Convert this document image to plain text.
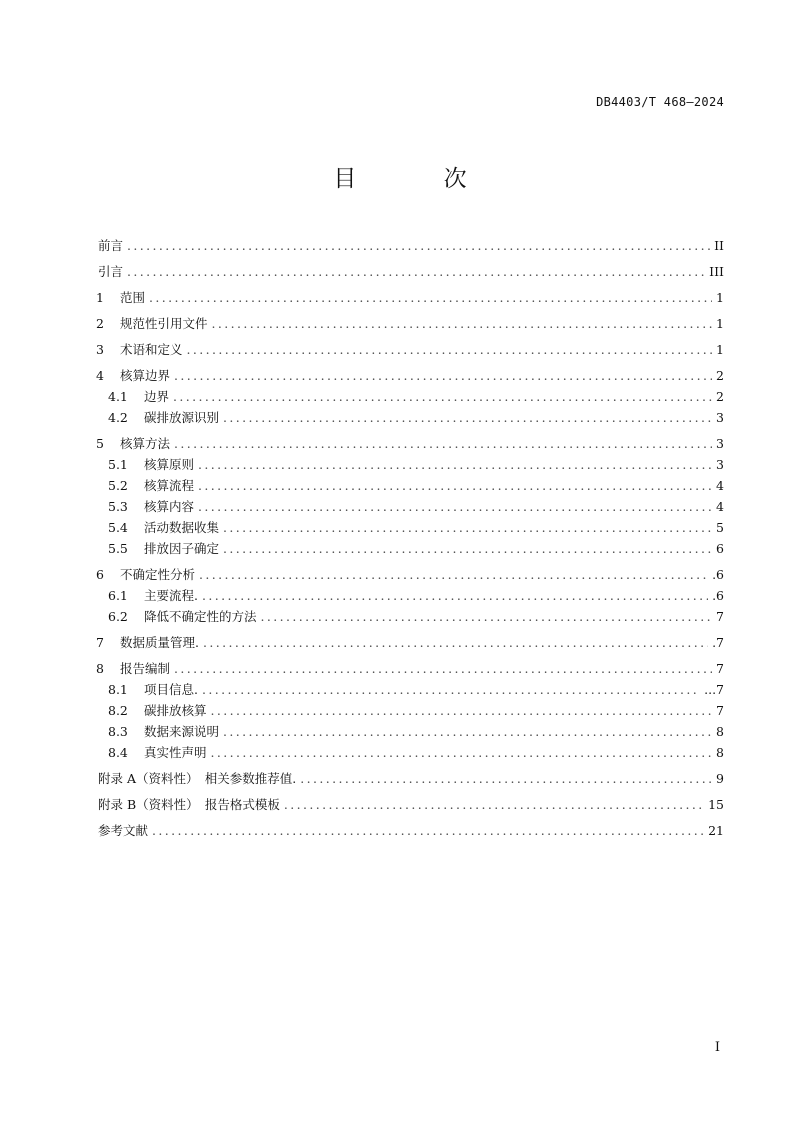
DB4403/T 468—2024
目 次
前言 .....	II
引言 .....	III
1	范围 .....	1
2	规范性引用文件 .....	1
3	术语和定义 .....	1
4	核算边界 .....	2
4.1	边界 .....	2
4.2	碳排放源识别 .....	3
5	核算方法 .....	3
5.1	核算原则 .....	3
5.2	核算流程 .....	4
5.3	核算内容 .....	4
5.4	活动数据收集 .....	5
5.5	排放因子确定 .....	6
6	不确定性分析 .....	.6
6.1	主要流程. .....	.6
6.2	降低不确定性的方法 .....	7
7	数据质量管理. .....	.7
8	报告编制 .....	7
8.1	项目信息. .....	...7
8.2	碳排放核算 .....	7
8.3	数据来源说明 .....	8
8.4	真实性声明 .....	8
附录 A（资料性）　相关参数推荐值. .....	9
附录 B（资料性）　报告格式模板 .....	15
参考文献 .....	21
I
